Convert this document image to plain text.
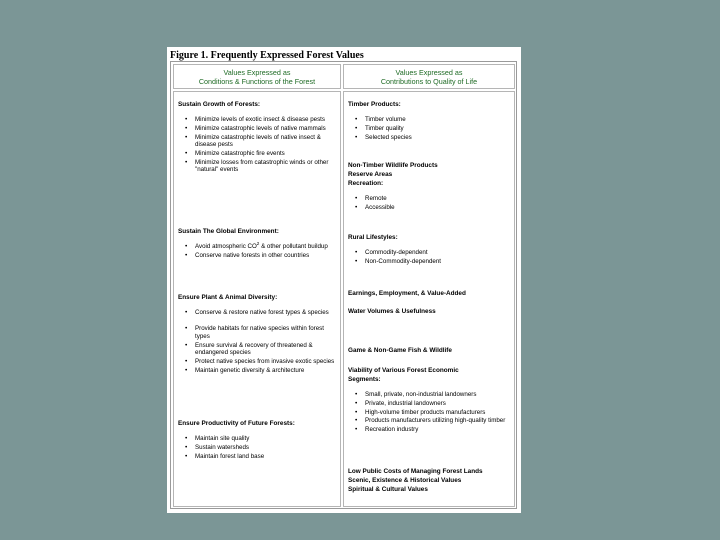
Figure 1. Frequently Expressed Forest Values
Values Expressed as
Conditions & Functions of the Forest
Values Expressed as
Contributions to Quality of Life
Sustain Growth of Forests:
• Minimize levels of exotic insect & disease pests
• Minimize catastrophic levels of native mammals
• Minimize catastrophic levels of native insect & disease pests
• Minimize catastrophic fire events
• Minimize losses from catastrophic winds or other "natural" events
Sustain The Global Environment:
• Avoid atmospheric $CO^2$ & other pollutant buildup
• Conserve native forests in other countries
Ensure Plant & Animal Diversity:
• Conserve & restore native forest types & species
• Provide habitats for native species within forest types
• Ensure survival & recovery of threatened & endangered species
• Protect native species from invasive exotic species
• Maintain genetic diversity & architecture
Ensure Productivity of Future Forests:
• Maintain site quality
• Sustain watersheds
• Maintain forest land base
Timber Products:
• Timber volume
• Timber quality
• Selected species
Non-Timber Wildlife Products
Reserve Areas
Recreation:
• Remote
• Accessible
Rural Lifestyles:
• Commodity-dependent
• Non-Commodity-dependent
Earnings, Employment, & Value-Added
Water Volumes & Usefulness
Game & Non-Game Fish & Wildlife
Viability of Various Forest Economic
Segments:
• Small, private, non-industrial landowners
• Private, industrial landowners
• High-volume timber products manufacturers
• Products manufacturers utilizing high-quality timber
• Recreation industry
Low Public Costs of Managing Forest Lands
Scenic, Existence & Historical Values
Spiritual & Cultural Values
